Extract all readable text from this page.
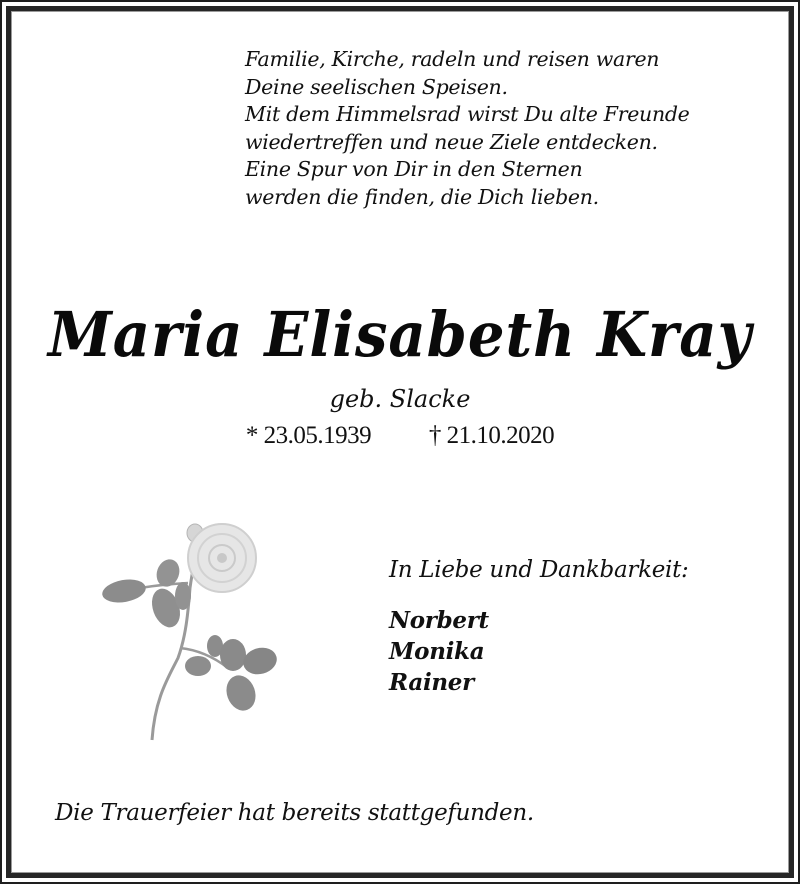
Familie, Kirche, radeln und reisen waren
Deine seelischen Speisen.
Mit dem Himmelsrad wirst Du alte Freunde
wiedertreffen und neue Ziele entdecken.
Eine Spur von Dir in den Sternen
werden die finden, die Dich lieben.
Maria Elisabeth Kray
geb. Slacke
* 23.05.1939 † 21.10.2020
In Liebe und Dankbarkeit:
Norbert
Monika
Rainer
Die Trauerfeier hat bereits stattgefunden.
